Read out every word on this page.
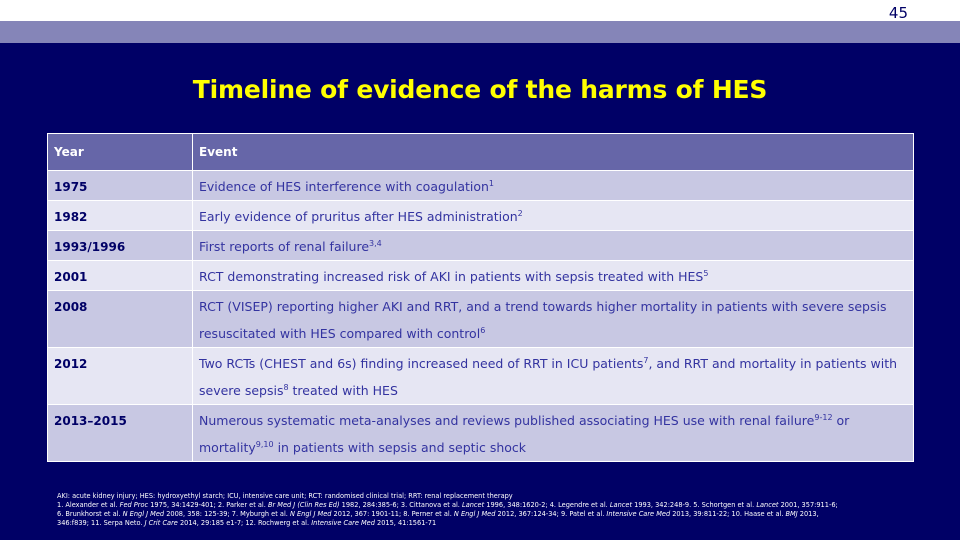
45
Timeline of evidence of the harms of HES
Year	Event
1975	Evidence of HES interference with coagulation$^1$
1982	Early evidence of pruritus after HES administration$^2$
1993/1996	First reports of renal failure$^{3,4}$
2001	RCT demonstrating increased risk of AKI in patients with sepsis treated with HES$^5$
2008	RCT (VISEP) reporting higher AKI and RRT, and a trend towards higher mortality in patients with severe sepsis resuscitated with HES compared with control$^6$
2012	Two RCTs (CHEST and 6s) finding increased need of RRT in ICU patients$^7$, and RRT and mortality in patients with severe sepsis$^8$ treated with HES
2013–2015	Numerous systematic meta-analyses and reviews published associating HES use with renal failure$^{9-12}$ or mortality$^{9,10}$ in patients with sepsis and septic shock
AKI: acute kidney injury; HES: hydroxyethyl starch; ICU, intensive care unit; RCT: randomised clinical trial; RRT: renal replacement therapy
1. Alexander et al. Fed Proc 1975, 34:1429-401; 2. Parker et al. Br Med J (Clin Res Ed) 1982, 284:385-6; 3. Cittanova et al. Lancet 1996, 348:1620-2; 4. Legendre et al. Lancet 1993, 342:248-9. 5. Schortgen et al. Lancet 2001, 357:911-6;
6. Brunkhorst et al. N Engl J Med 2008, 358: 125-39; 7. Myburgh et al. N Engl J Med 2012, 367: 1901-11; 8. Perner et al. N Engl J Med 2012, 367:124-34; 9. Patel et al. Intensive Care Med 2013, 39:811-22; 10. Haase et al. BMJ 2013,
346:f839; 11. Serpa Neto. J Crit Care 2014, 29:185 e1-7; 12. Rochwerg et al. Intensive Care Med 2015, 41:1561-71
